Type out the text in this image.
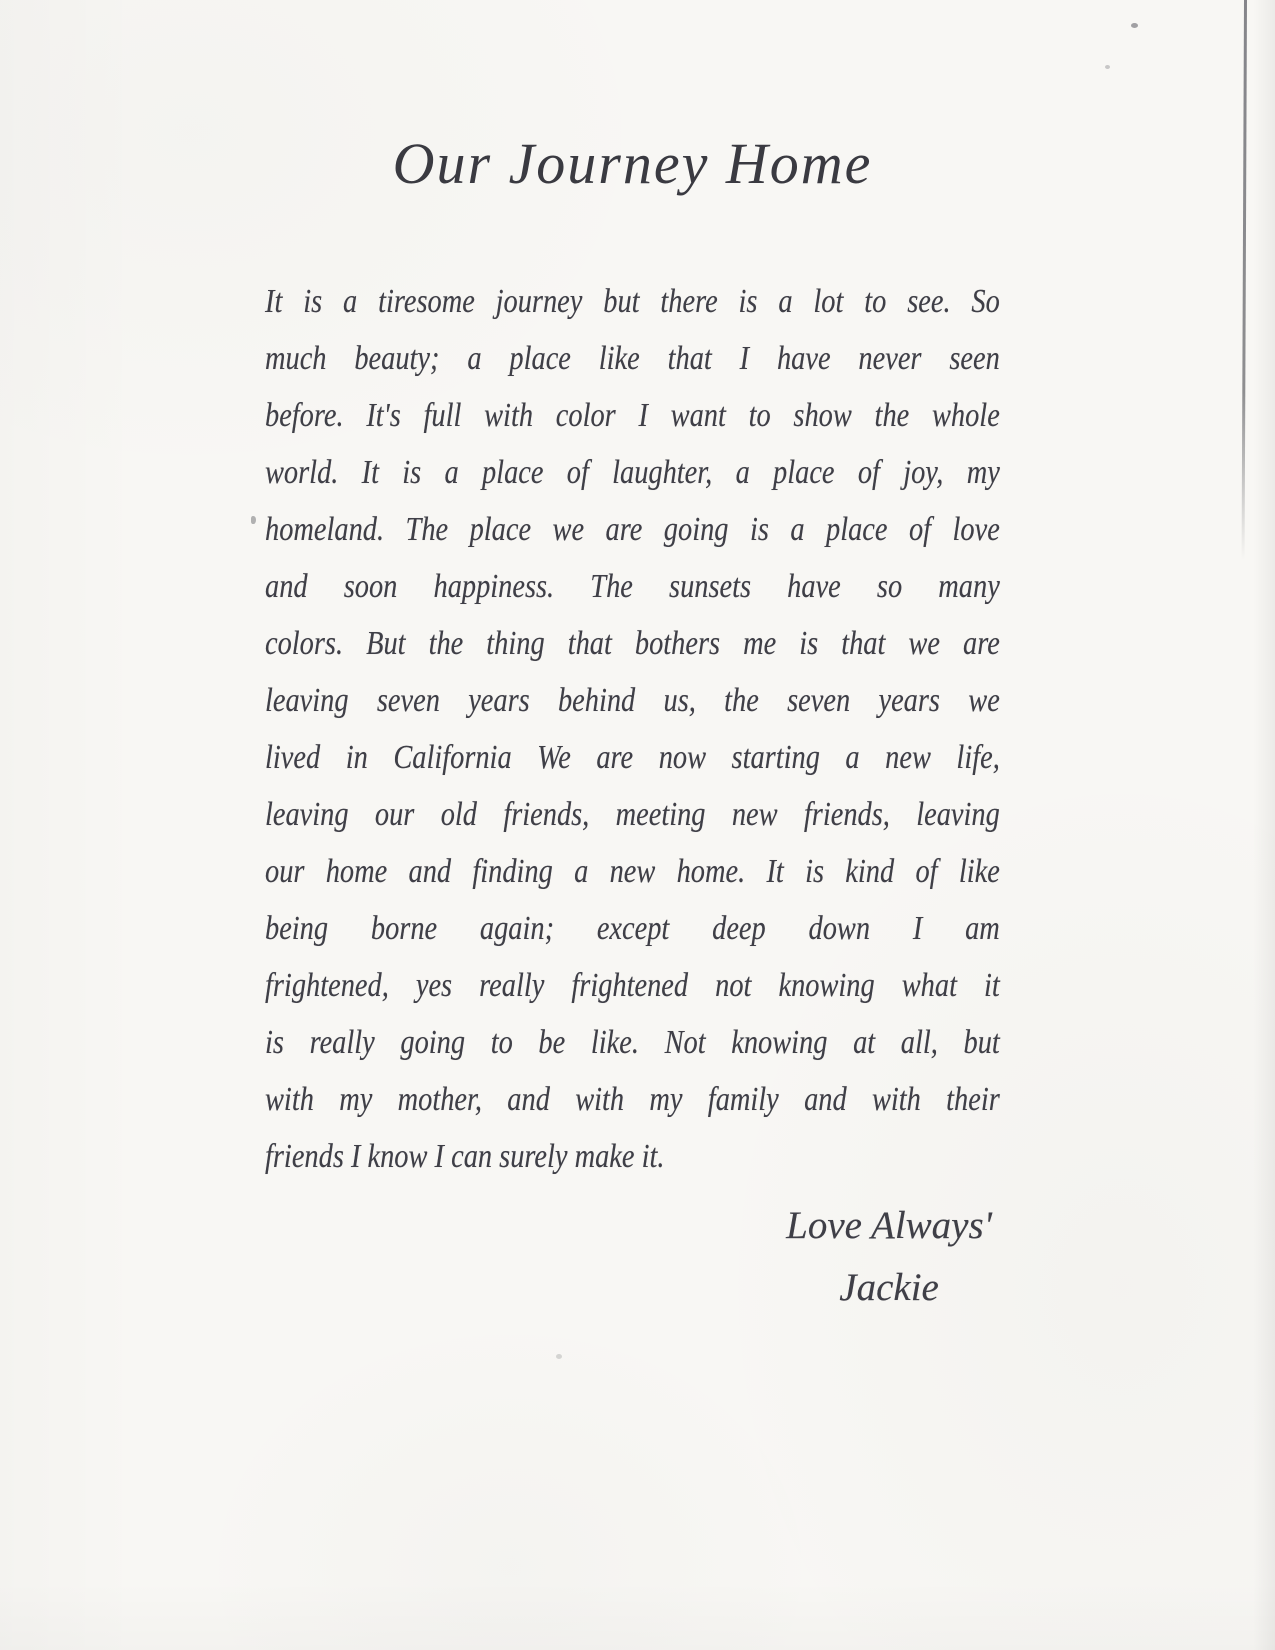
Our Journey Home
It is a tiresome journey but there is a lot to see. So
much beauty; a place like that I have never seen
before. It's full with color I want to show the whole
world. It is a place of laughter, a place of joy, my
homeland. The place we are going is a place of love
and soon happiness. The sunsets have so many
colors. But the thing that bothers me is that we are
leaving seven years behind us, the seven years we
lived in California We are now starting a new life,
leaving our old friends, meeting new friends, leaving
our home and finding a new home. It is kind of like
being borne again; except deep down I am
frightened, yes really frightened not knowing what it
is really going to be like. Not knowing at all, but
with my mother, and with my family and with their
friends I know I can surely make it.
Love Always'
Jackie
